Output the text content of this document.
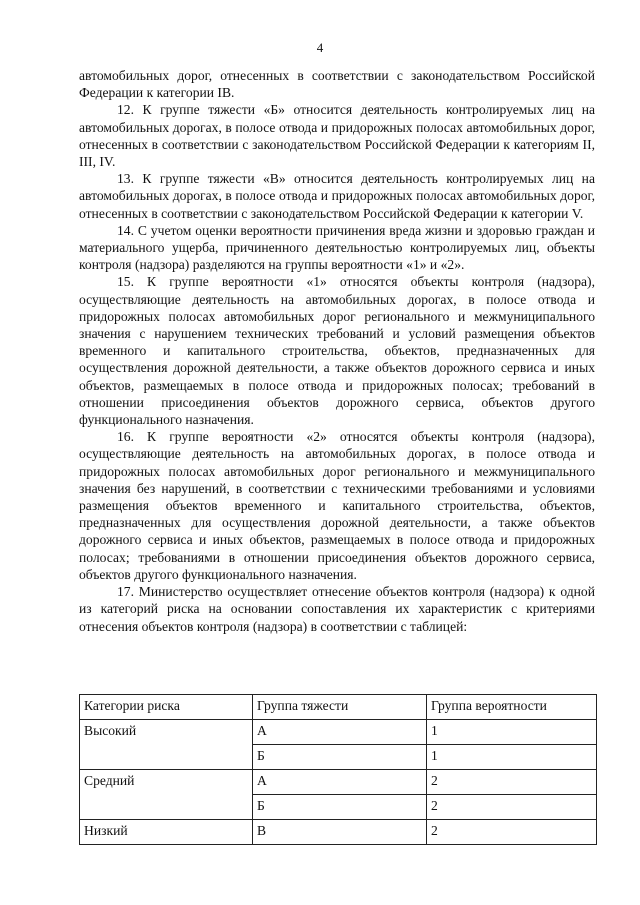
4

автомобильных дорог, отнесенных в соответствии с законодательством Российской Федерации к категории IB.

12. К группе тяжести «Б» относится деятельность контролируемых лиц на автомобильных дорогах, в полосе отвода и придорожных полосах автомобильных дорог, отнесенных в соответствии с законодательством Российской Федерации к категориям II, III, IV.

13. К группе тяжести «В» относится деятельность контролируемых лиц на автомобильных дорогах, в полосе отвода и придорожных полосах автомобильных дорог, отнесенных в соответствии с законодательством Российской Федерации к категории V.

14. С учетом оценки вероятности причинения вреда жизни и здоровью граждан и материального ущерба, причиненного деятельностью контролируемых лиц, объекты контроля (надзора) разделяются на группы вероятности «1» и «2».

15. К группе вероятности «1» относятся объекты контроля (надзора), осуществляющие деятельность на автомобильных дорогах, в полосе отвода и придорожных полосах автомобильных дорог регионального и межмуниципального значения с нарушением технических требований и условий размещения объектов временного и капитального строительства, объектов, предназначенных для осуществления дорожной деятельности, а также объектов дорожного сервиса и иных объектов, размещаемых в полосе отвода и придорожных полосах; требований в отношении присоединения объектов дорожного сервиса, объектов другого функционального назначения.

16. К группе вероятности «2» относятся объекты контроля (надзора), осуществляющие деятельность на автомобильных дорогах, в полосе отвода и придорожных полосах автомобильных дорог регионального и межмуниципального значения без нарушений, в соответствии с техническими требованиями и условиями размещения объектов временного и капитального строительства, объектов, предназначенных для осуществления дорожной деятельности, а также объектов дорожного сервиса и иных объектов, размещаемых в полосе отвода и придорожных полосах; требованиями в отношении присоединения объектов дорожного сервиса, объектов другого функционального назначения.

17. Министерство осуществляет отнесение объектов контроля (надзора) к одной из категорий риска на основании сопоставления их характеристик с критериями отнесения объектов контроля (надзора) в соответствии с таблицей:

Категории риска	Группа тяжести	Группа вероятности
Высокий	А	1
	Б	1
Средний	А	2
	Б	2
Низкий	В	2
